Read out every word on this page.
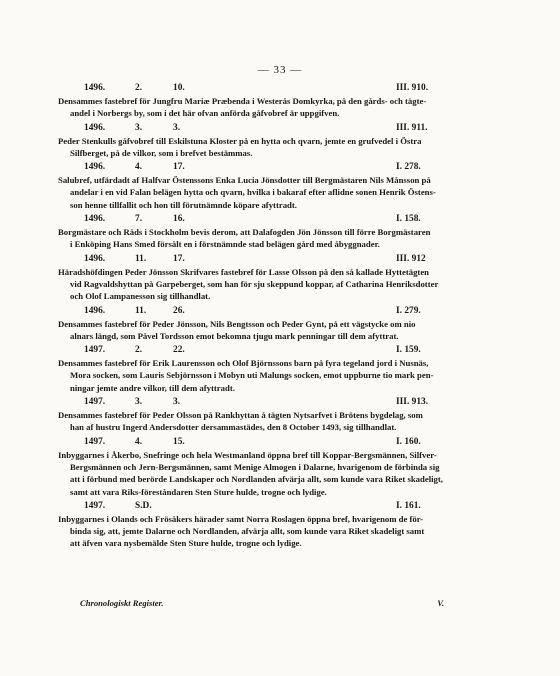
— 33 —
1496.	2.	10.	III. 910.
Densammes fastebref för Jungfru Mariæ Præbenda i Westerås Domkyrka, på den gårds- och tägte-
andel i Norbergs by, som i det här ofvan anförda gåfvobref är uppgifven.
1496.	3.	3.	III. 911.
Peder Stenkulls gåfvobref till Eskilstuna Kloster på en hytta och qvarn, jemte en grufvedel i Östra
Silfberget, på de vilkor, som i brefvet bestämmas.
1496.	4.	17.	I. 278.
Salubref, utfärdadt af Halfvar Östenssons Enka Lucia Jönsdotter till Bergmästaren Nils Månsson på
andelar i en vid Falan belägen hytta och qvarn, hvilka i bakaraf efter aflidne sonen Henrik Östens-
son henne tillfallit och hon till förutnämnde köpare afyttradt.
1496.	7.	16.	I. 158.
Borgmästare och Råds i Stockholm bevis derom, att Dalafogden Jön Jönsson till förre Borgmästaren
i Enköping Hans Smed försålt en i förstnämnde stad belägen gård med åbyggnader.
1496.	11.	17.	III. 912
Häradshöfdingen Peder Jönsson Skrifvares fastebref för Lasse Olsson på den så kallade Hyttetägten
vid Ragvaldshyttan på Garpeberget, som han för sju skeppund koppar, af Catharina Henriksdotter
och Olof Lampanesson sig tillhandlat.
1496.	11.	26.	I. 279.
Densammes fastebref för Peder Jönsson, Nils Bengtsson och Peder Gynt, på ett vägstycke om nio
alnars längd, som Påvel Tordsson emot bekomna tjugu mark penningar till dem afyttrat.
1497.	2.	22.	I. 159.
Densammes fastebref för Erik Laurensson och Olof Björnssons barn på fyra tegeland jord i Nusnäs,
Mora socken, som Lauris Sebjörnsson i Mobyn uti Malungs socken, emot uppburne tio mark pen-
ningar jemte andre vilkor, till dem afyttradt.
1497.	3.	3.	III. 913.
Densammes fastebref för Peder Olsson på Rankhyttan å tägten Nytsarfvet i Brötens bygdelag, som
han af hustru Ingerd Andersdotter dersammastädes, den 8 October 1493, sig tillhandlat.
1497.	4.	15.	I. 160.
Inbyggarnes i Åkerbo, Snefringe och hela Westmanland öppna bref till Koppar-Bergsmännen, Silfver-
Bergsmännen och Jern-Bergsmännen, samt Menige Almogen i Dalarne, hvarigenom de förbinda sig
att i förbund med berörde Landskaper och Nordlanden afvärja allt, som kunde vara Riket skadeligt,
samt att vara Riks-föreståndaren Sten Sture hulde, trogne och lydige.
1497.	S.D.	I. 161.
Inbyggarnes i Olands och Frösåkers härader samt Norra Roslagen öppna bref, hvarigenom de för-
binda sig, att, jemte Dalarne och Nordlanden, afvärja allt, som kunde vara Riket skadeligt samt
att äfven vara nysbemälde Sten Sture hulde, trogne och lydige.
Chronologiskt Register.	V.
